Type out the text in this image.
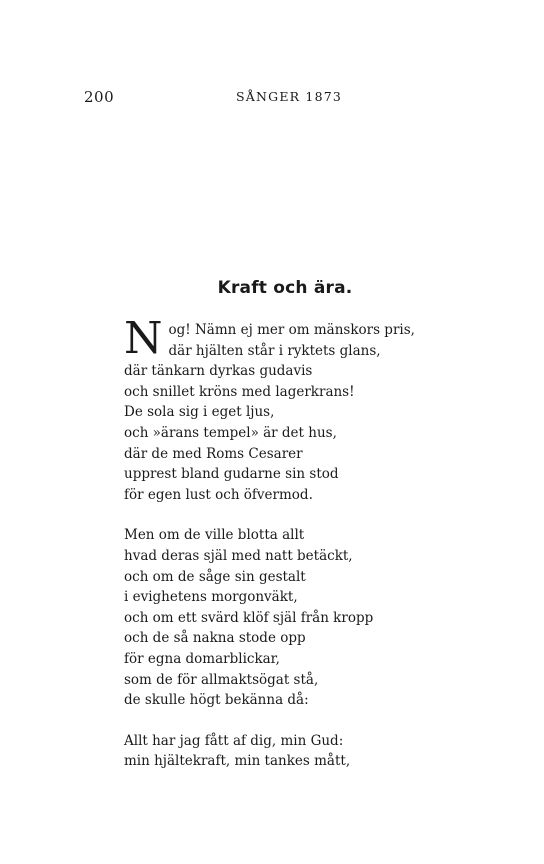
200	SÅNGER 1873
Kraft och ära.
N og! Nämn ej mer om mänskors pris,
där hjälten står i ryktets glans,
där tänkarn dyrkas gudavis
och snillet kröns med lagerkrans!
De sola sig i eget ljus,
och »ärans tempel» är det hus,
där de med Roms Cesarer
upprest bland gudarne sin stod
för egen lust och öfvermod.
Men om de ville blotta allt
hvad deras själ med natt betäckt,
och om de såge sin gestalt
i evighetens morgonväkt,
och om ett svärd klöf själ från kropp
och de så nakna stode opp
för egna domarblickar,
som de för allmaktsögat stå,
de skulle högt bekänna då:
Allt har jag fått af dig, min Gud:
min hjältekraft, min tankes mått,
